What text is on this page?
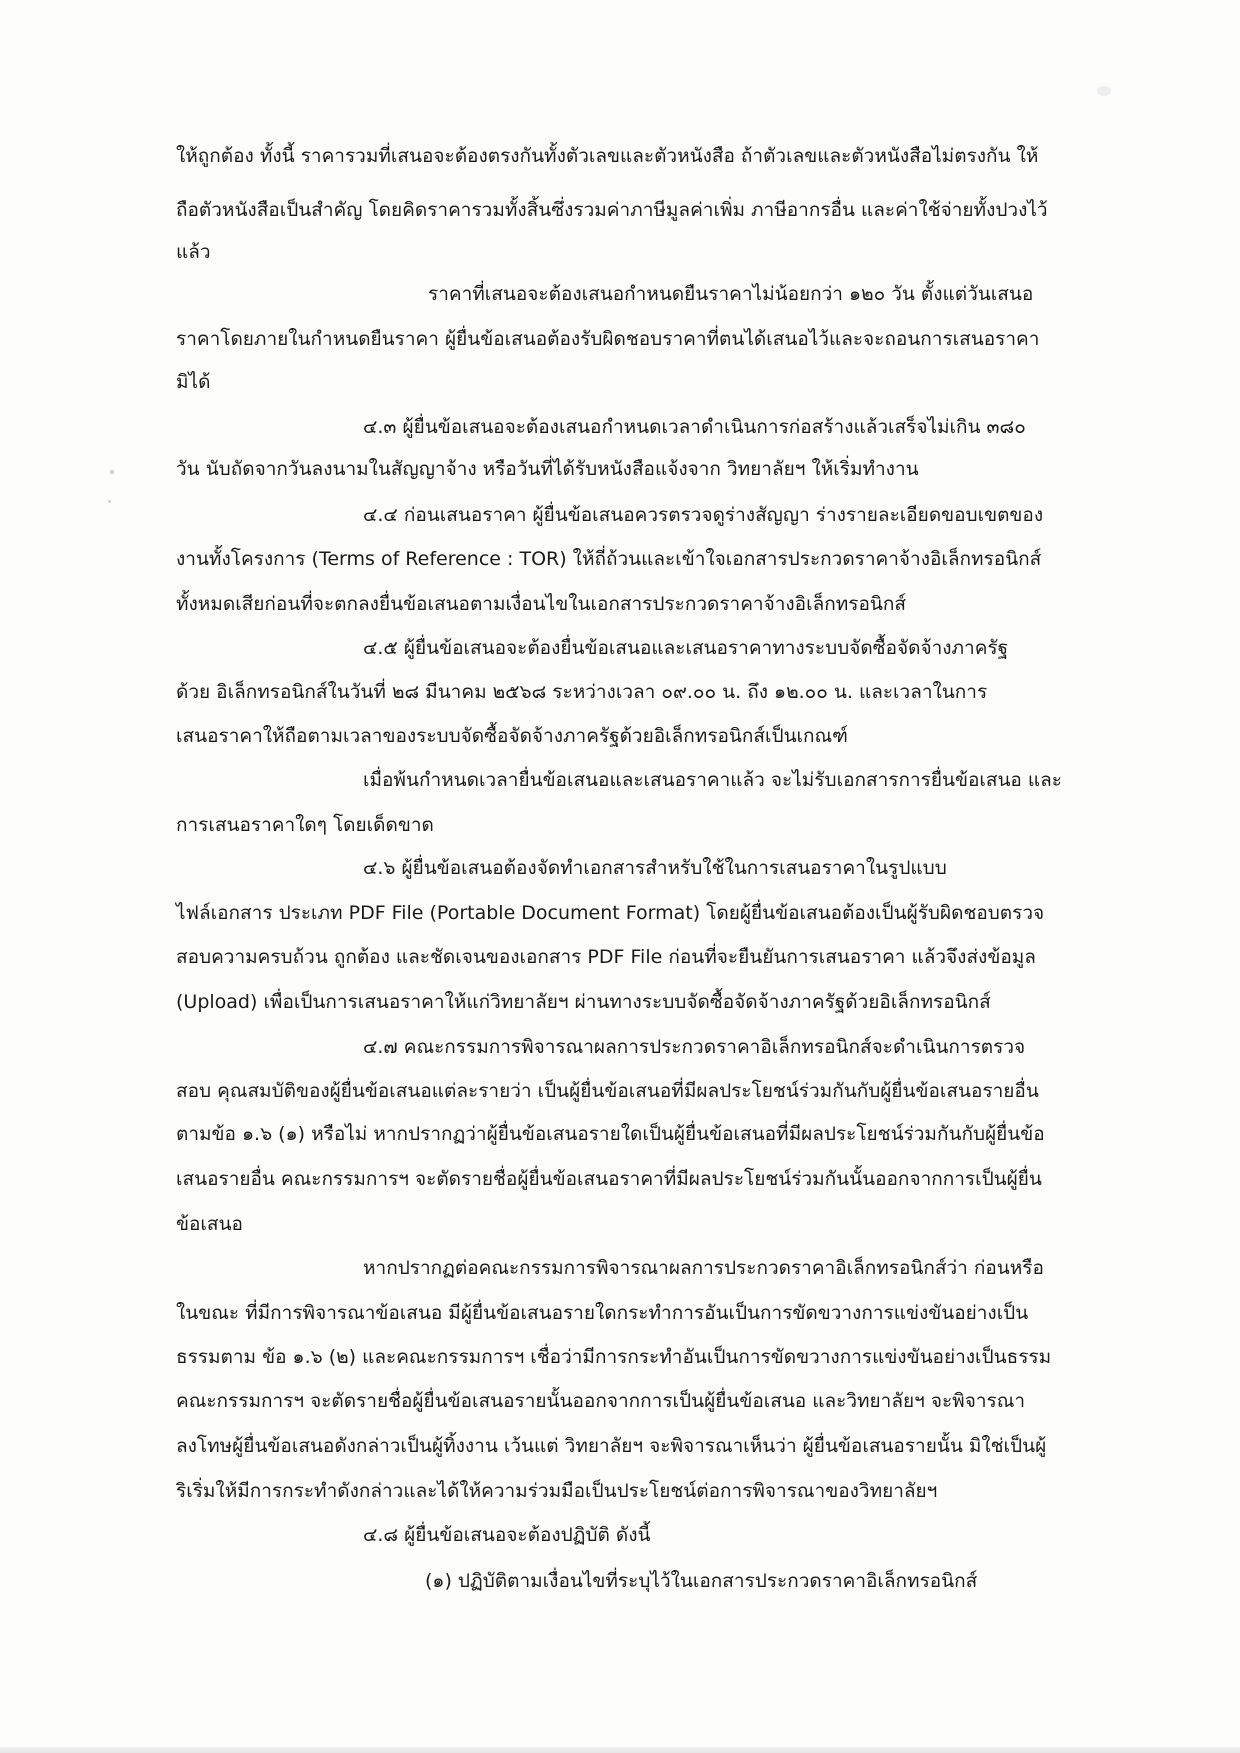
ให้ถูกต้อง ทั้งนี้ ราคารวมที่เสนอจะต้องตรงกันทั้งตัวเลขและตัวหนังสือ ถ้าตัวเลขและตัวหนังสือไม่ตรงกัน ให้
ถือตัวหนังสือเป็นสำคัญ โดยคิดราคารวมทั้งสิ้นซึ่งรวมค่าภาษีมูลค่าเพิ่ม ภาษีอากรอื่น และค่าใช้จ่ายทั้งปวงไว้
แล้ว
ราคาที่เสนอจะต้องเสนอกำหนดยืนราคาไม่น้อยกว่า ๑๒๐ วัน ตั้งแต่วันเสนอ
ราคาโดยภายในกำหนดยืนราคา ผู้ยื่นข้อเสนอต้องรับผิดชอบราคาที่ตนได้เสนอไว้และจะถอนการเสนอราคา
มิได้
๔.๓ ผู้ยื่นข้อเสนอจะต้องเสนอกำหนดเวลาดำเนินการก่อสร้างแล้วเสร็จไม่เกิน ๓๘๐
วัน นับถัดจากวันลงนามในสัญญาจ้าง หรือวันที่ได้รับหนังสือแจ้งจาก วิทยาลัยฯ ให้เริ่มทำงาน
๔.๔ ก่อนเสนอราคา ผู้ยื่นข้อเสนอควรตรวจดูร่างสัญญา ร่างรายละเอียดขอบเขตของ
งานทั้งโครงการ (Terms of Reference : TOR) ให้ถี่ถ้วนและเข้าใจเอกสารประกวดราคาจ้างอิเล็กทรอนิกส์
ทั้งหมดเสียก่อนที่จะตกลงยื่นข้อเสนอตามเงื่อนไขในเอกสารประกวดราคาจ้างอิเล็กทรอนิกส์
๔.๕ ผู้ยื่นข้อเสนอจะต้องยื่นข้อเสนอและเสนอราคาทางระบบจัดซื้อจัดจ้างภาครัฐ
ด้วย อิเล็กทรอนิกส์ในวันที่ ๒๘ มีนาคม ๒๕๖๘ ระหว่างเวลา ๐๙.๐๐ น. ถึง ๑๒.๐๐ น. และเวลาในการ
เสนอราคาให้ถือตามเวลาของระบบจัดซื้อจัดจ้างภาครัฐด้วยอิเล็กทรอนิกส์เป็นเกณฑ์
เมื่อพ้นกำหนดเวลายื่นข้อเสนอและเสนอราคาแล้ว จะไม่รับเอกสารการยื่นข้อเสนอ และ
การเสนอราคาใดๆ โดยเด็ดขาด
๔.๖ ผู้ยื่นข้อเสนอต้องจัดทำเอกสารสำหรับใช้ในการเสนอราคาในรูปแบบ
ไฟล์เอกสาร ประเภท PDF File (Portable Document Format) โดยผู้ยื่นข้อเสนอต้องเป็นผู้รับผิดชอบตรวจ
สอบความครบถ้วน ถูกต้อง และชัดเจนของเอกสาร PDF File ก่อนที่จะยืนยันการเสนอราคา แล้วจึงส่งข้อมูล
(Upload) เพื่อเป็นการเสนอราคาให้แก่วิทยาลัยฯ ผ่านทางระบบจัดซื้อจัดจ้างภาครัฐด้วยอิเล็กทรอนิกส์
๔.๗ คณะกรรมการพิจารณาผลการประกวดราคาอิเล็กทรอนิกส์จะดำเนินการตรวจ
สอบ คุณสมบัติของผู้ยื่นข้อเสนอแต่ละรายว่า เป็นผู้ยื่นข้อเสนอที่มีผลประโยชน์ร่วมกันกับผู้ยื่นข้อเสนอรายอื่น
ตามข้อ ๑.๖ (๑) หรือไม่ หากปรากฏว่าผู้ยื่นข้อเสนอรายใดเป็นผู้ยื่นข้อเสนอที่มีผลประโยชน์ร่วมกันกับผู้ยื่นข้อ
เสนอรายอื่น คณะกรรมการฯ จะตัดรายชื่อผู้ยื่นข้อเสนอราคาที่มีผลประโยชน์ร่วมกันนั้นออกจากการเป็นผู้ยื่น
ข้อเสนอ
หากปรากฏต่อคณะกรรมการพิจารณาผลการประกวดราคาอิเล็กทรอนิกส์ว่า ก่อนหรือ
ในขณะ ที่มีการพิจารณาข้อเสนอ มีผู้ยื่นข้อเสนอรายใดกระทำการอันเป็นการขัดขวางการแข่งขันอย่างเป็น
ธรรมตาม ข้อ ๑.๖ (๒) และคณะกรรมการฯ เชื่อว่ามีการกระทำอันเป็นการขัดขวางการแข่งขันอย่างเป็นธรรม
คณะกรรมการฯ จะตัดรายชื่อผู้ยื่นข้อเสนอรายนั้นออกจากการเป็นผู้ยื่นข้อเสนอ และวิทยาลัยฯ จะพิจารณา
ลงโทษผู้ยื่นข้อเสนอดังกล่าวเป็นผู้ทิ้งงาน เว้นแต่ วิทยาลัยฯ จะพิจารณาเห็นว่า ผู้ยื่นข้อเสนอรายนั้น มิใช่เป็นผู้
ริเริ่มให้มีการกระทำดังกล่าวและได้ให้ความร่วมมือเป็นประโยชน์ต่อการพิจารณาของวิทยาลัยฯ
๔.๘ ผู้ยื่นข้อเสนอจะต้องปฏิบัติ ดังนี้
(๑) ปฏิบัติตามเงื่อนไขที่ระบุไว้ในเอกสารประกวดราคาอิเล็กทรอนิกส์
